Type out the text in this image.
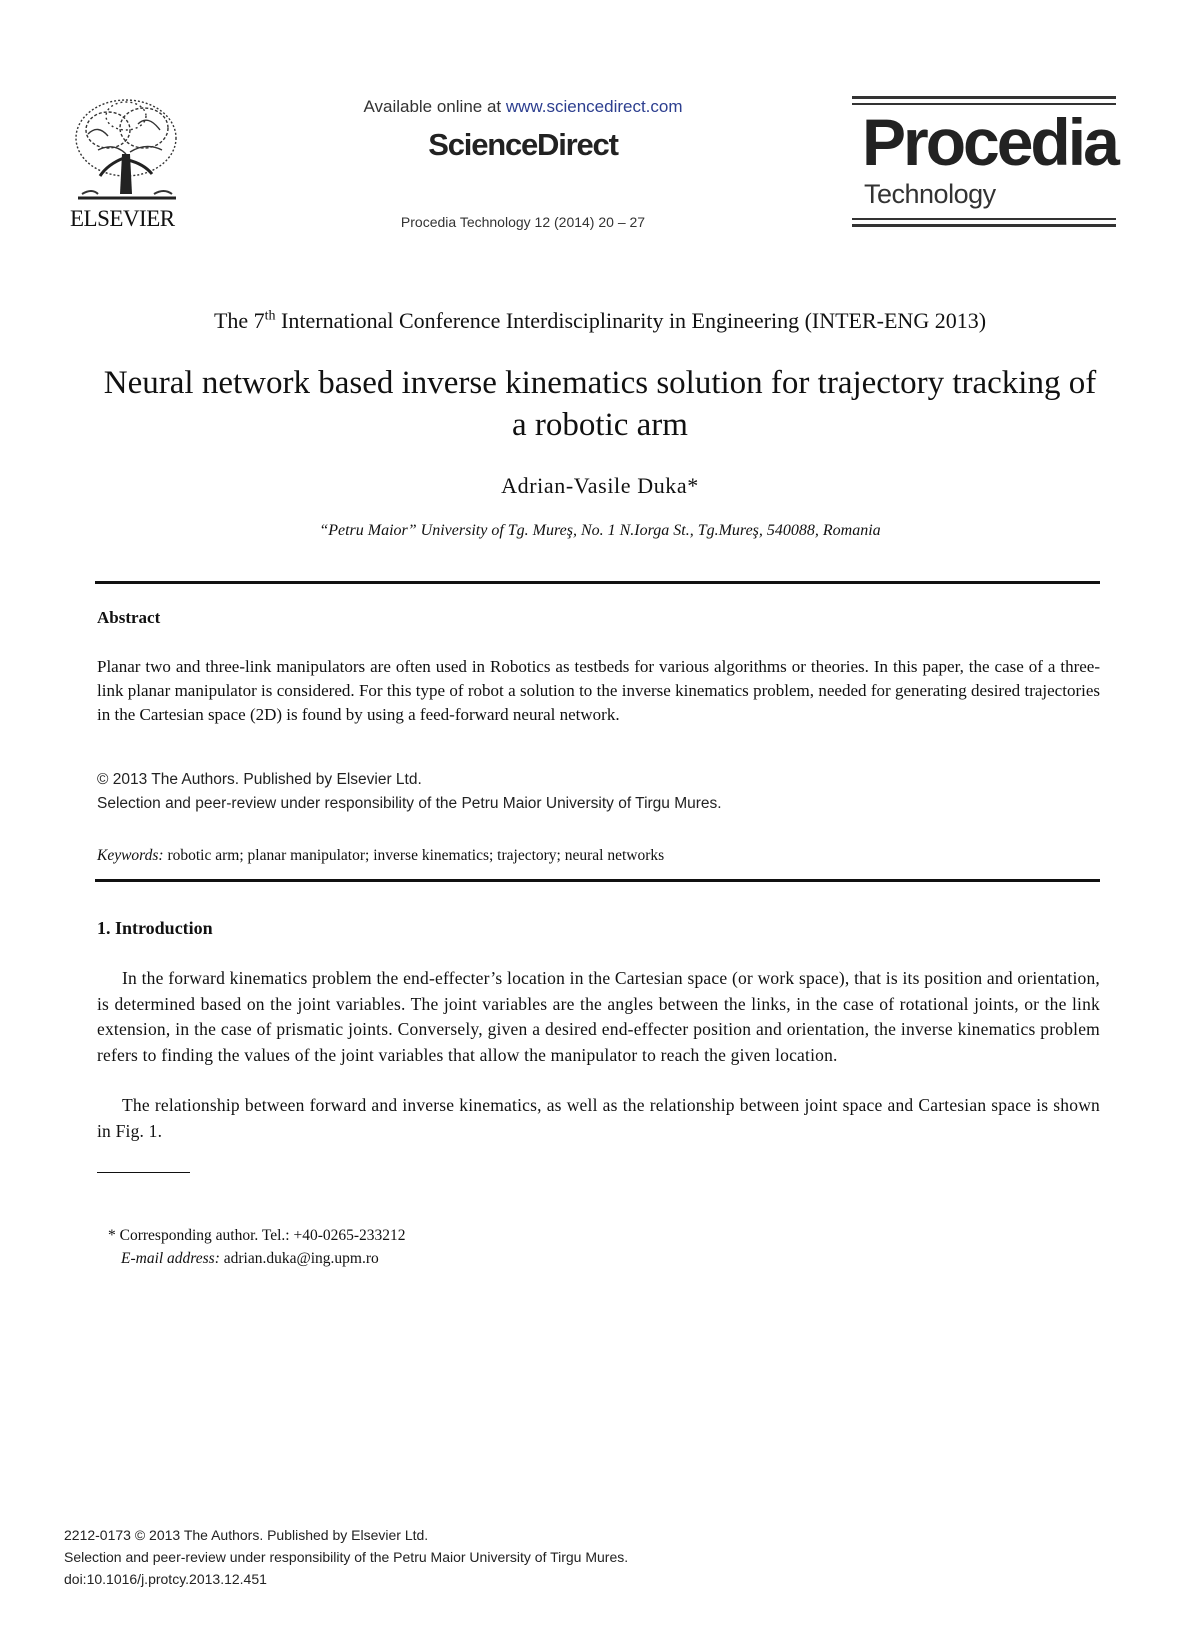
ELSEVIER
Available online at www.sciencedirect.com
ScienceDirect
Procedia Technology 12 (2014) 20 – 27
Procedia
Technology
The 7th International Conference Interdisciplinarity in Engineering (INTER-ENG 2013)
Neural network based inverse kinematics solution for trajectory tracking of a robotic arm
Adrian-Vasile Duka*
“Petru Maior” University of Tg. Mureş, No. 1 N.Iorga St., Tg.Mureş, 540088, Romania
Abstract

Planar two and three-link manipulators are often used in Robotics as testbeds for various algorithms or theories. In this paper, the case of a three-link planar manipulator is considered. For this type of robot a solution to the inverse kinematics problem, needed for generating desired trajectories in the Cartesian space (2D) is found by using a feed-forward neural network.

© 2013 The Authors. Published by Elsevier Ltd.
Selection and peer-review under responsibility of the Petru Maior University of Tirgu Mures.
Keywords: robotic arm; planar manipulator; inverse kinematics; trajectory; neural networks
1. Introduction

In the forward kinematics problem the end-effecter’s location in the Cartesian space (or work space), that is its position and orientation, is determined based on the joint variables. The joint variables are the angles between the links, in the case of rotational joints, or the link extension, in the case of prismatic joints. Conversely, given a desired end-effecter position and orientation, the inverse kinematics problem refers to finding the values of the joint variables that allow the manipulator to reach the given location.

The relationship between forward and inverse kinematics, as well as the relationship between joint space and Cartesian space is shown in Fig. 1.

* Corresponding author. Tel.: +40-0265-233212
E-mail address: adrian.duka@ing.upm.ro
2212-0173 © 2013 The Authors. Published by Elsevier Ltd.
Selection and peer-review under responsibility of the Petru Maior University of Tirgu Mures.
doi:10.1016/j.protcy.2013.12.451
